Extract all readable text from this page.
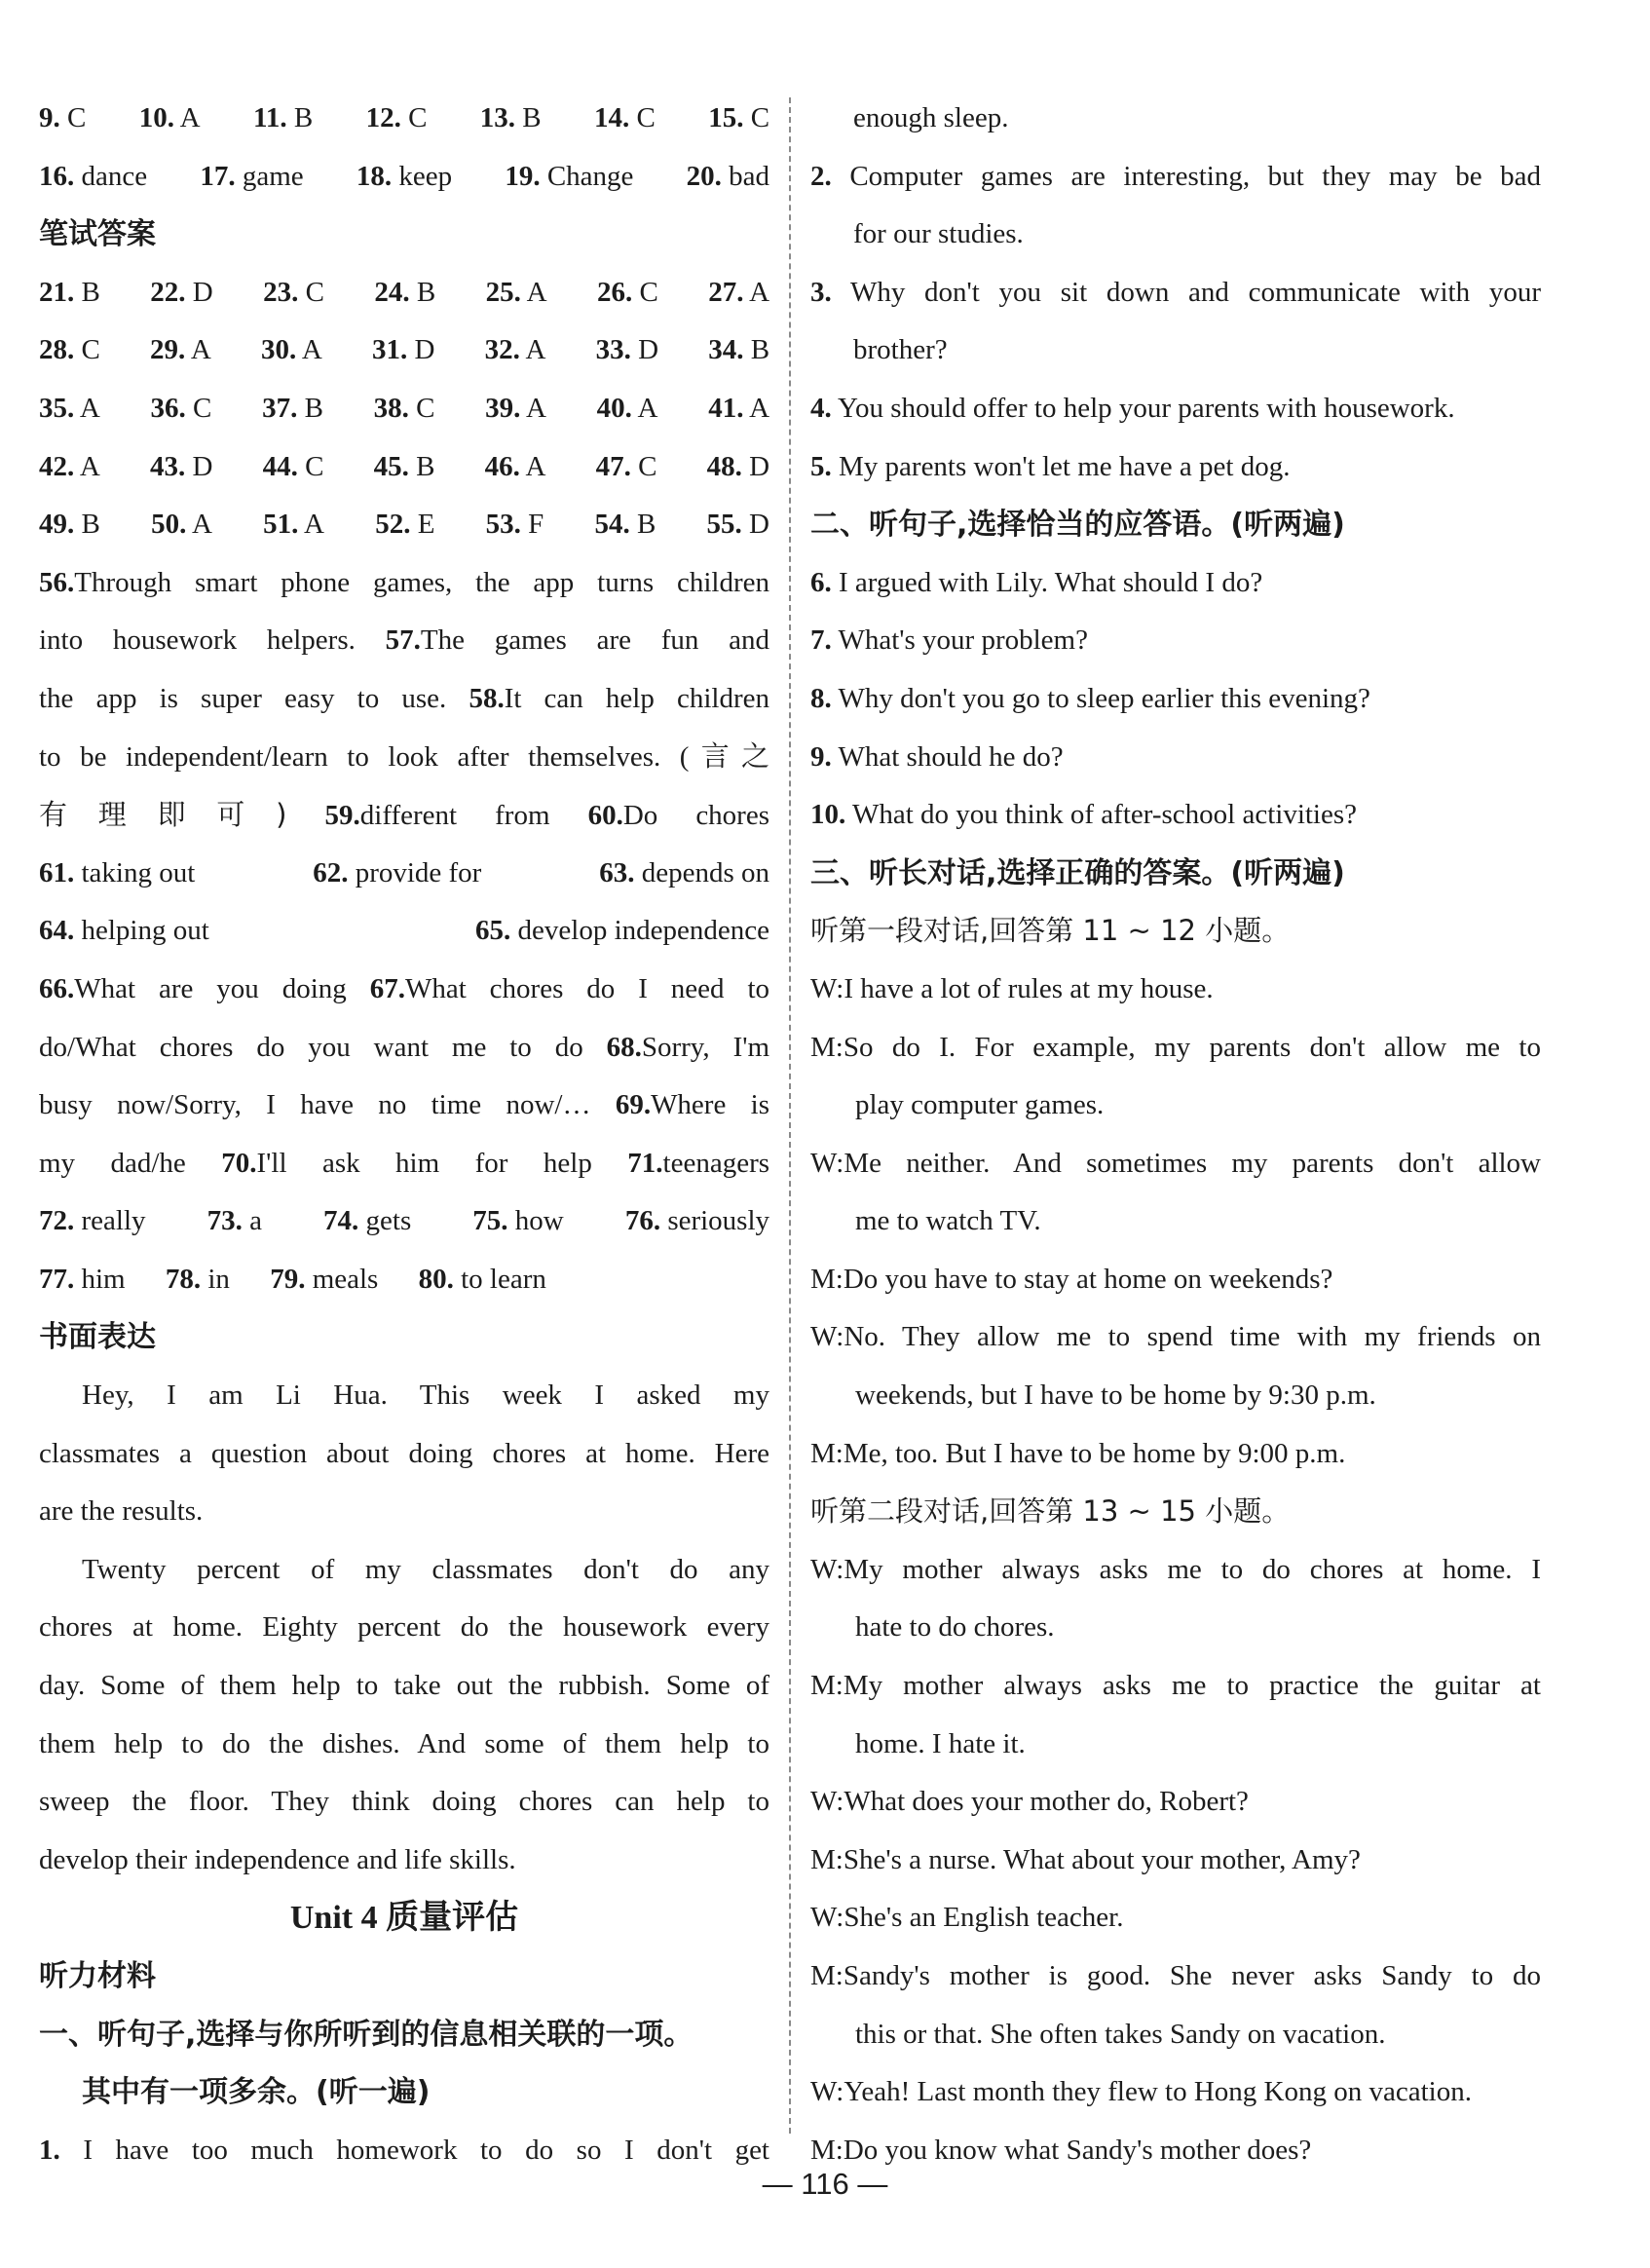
9. C 10. A 11. B 12. C 13. B 14. C 15. C
16. dance 17. game 18. keep 19. Change 20. bad
笔试答案
21. B 22. D 23. C 24. B 25. A 26. C 27. A
28. C 29. A 30. A 31. D 32. A 33. D 34. B
35. A 36. C 37. B 38. C 39. A 40. A 41. A
42. A 43. D 44. C 45. B 46. A 47. C 48. D
49. B 50. A 51. A 52. E 53. F 54. B 55. D
56.Through smart phone games, the app turns children
into housework helpers. 57.The games are fun and
the app is super easy to use. 58.It can help children
to be independent/learn to look after themselves. (言之
有理即可) 59.different from 60.Do chores
61. taking out	62. provide for	63. depends on
64. helping out	65. develop independence
66.What are you doing 67.What chores do I need to
do/What chores do you want me to do 68.Sorry, I'm
busy now/Sorry, I have no time now/… 69.Where is
my dad/he 70.I'll ask him for help 71.teenagers
72. really 73. a 74. gets 75. how 76. seriously
77. him 78. in 79. meals 80. to learn
书面表达
Hey, I am Li Hua. This week I asked my
classmates a question about doing chores at home. Here
are the results.
Twenty percent of my classmates don't do any
chores at home. Eighty percent do the housework every
day. Some of them help to take out the rubbish. Some of
them help to do the dishes. And some of them help to
sweep the floor. They think doing chores can help to
develop their independence and life skills.
Unit 4 质量评估
听力材料
一、听句子,选择与你所听到的信息相关联的一项。
其中有一项多余。(听一遍)
1. I have too much homework to do so I don't get
enough sleep.
2. Computer games are interesting, but they may be bad
for our studies.
3. Why don't you sit down and communicate with your
brother?
4. You should offer to help your parents with housework.
5. My parents won't let me have a pet dog.
二、听句子,选择恰当的应答语。(听两遍)
6. I argued with Lily. What should I do?
7. What's your problem?
8. Why don't you go to sleep earlier this evening?
9. What should he do?
10. What do you think of after-school activities?
三、听长对话,选择正确的答案。(听两遍)
听第一段对话,回答第 11 ~ 12 小题。
W:I have a lot of rules at my house.
M:So do I. For example, my parents don't allow me to
play computer games.
W:Me neither. And sometimes my parents don't allow
me to watch TV.
M:Do you have to stay at home on weekends?
W:No. They allow me to spend time with my friends on
weekends, but I have to be home by 9:30 p.m.
M:Me, too. But I have to be home by 9:00 p.m.
听第二段对话,回答第 13 ~ 15 小题。
W:My mother always asks me to do chores at home. I
hate to do chores.
M:My mother always asks me to practice the guitar at
home. I hate it.
W:What does your mother do, Robert?
M:She's a nurse. What about your mother, Amy?
W:She's an English teacher.
M:Sandy's mother is good. She never asks Sandy to do
this or that. She often takes Sandy on vacation.
W:Yeah! Last month they flew to Hong Kong on vacation.
M:Do you know what Sandy's mother does?
— 116 —
